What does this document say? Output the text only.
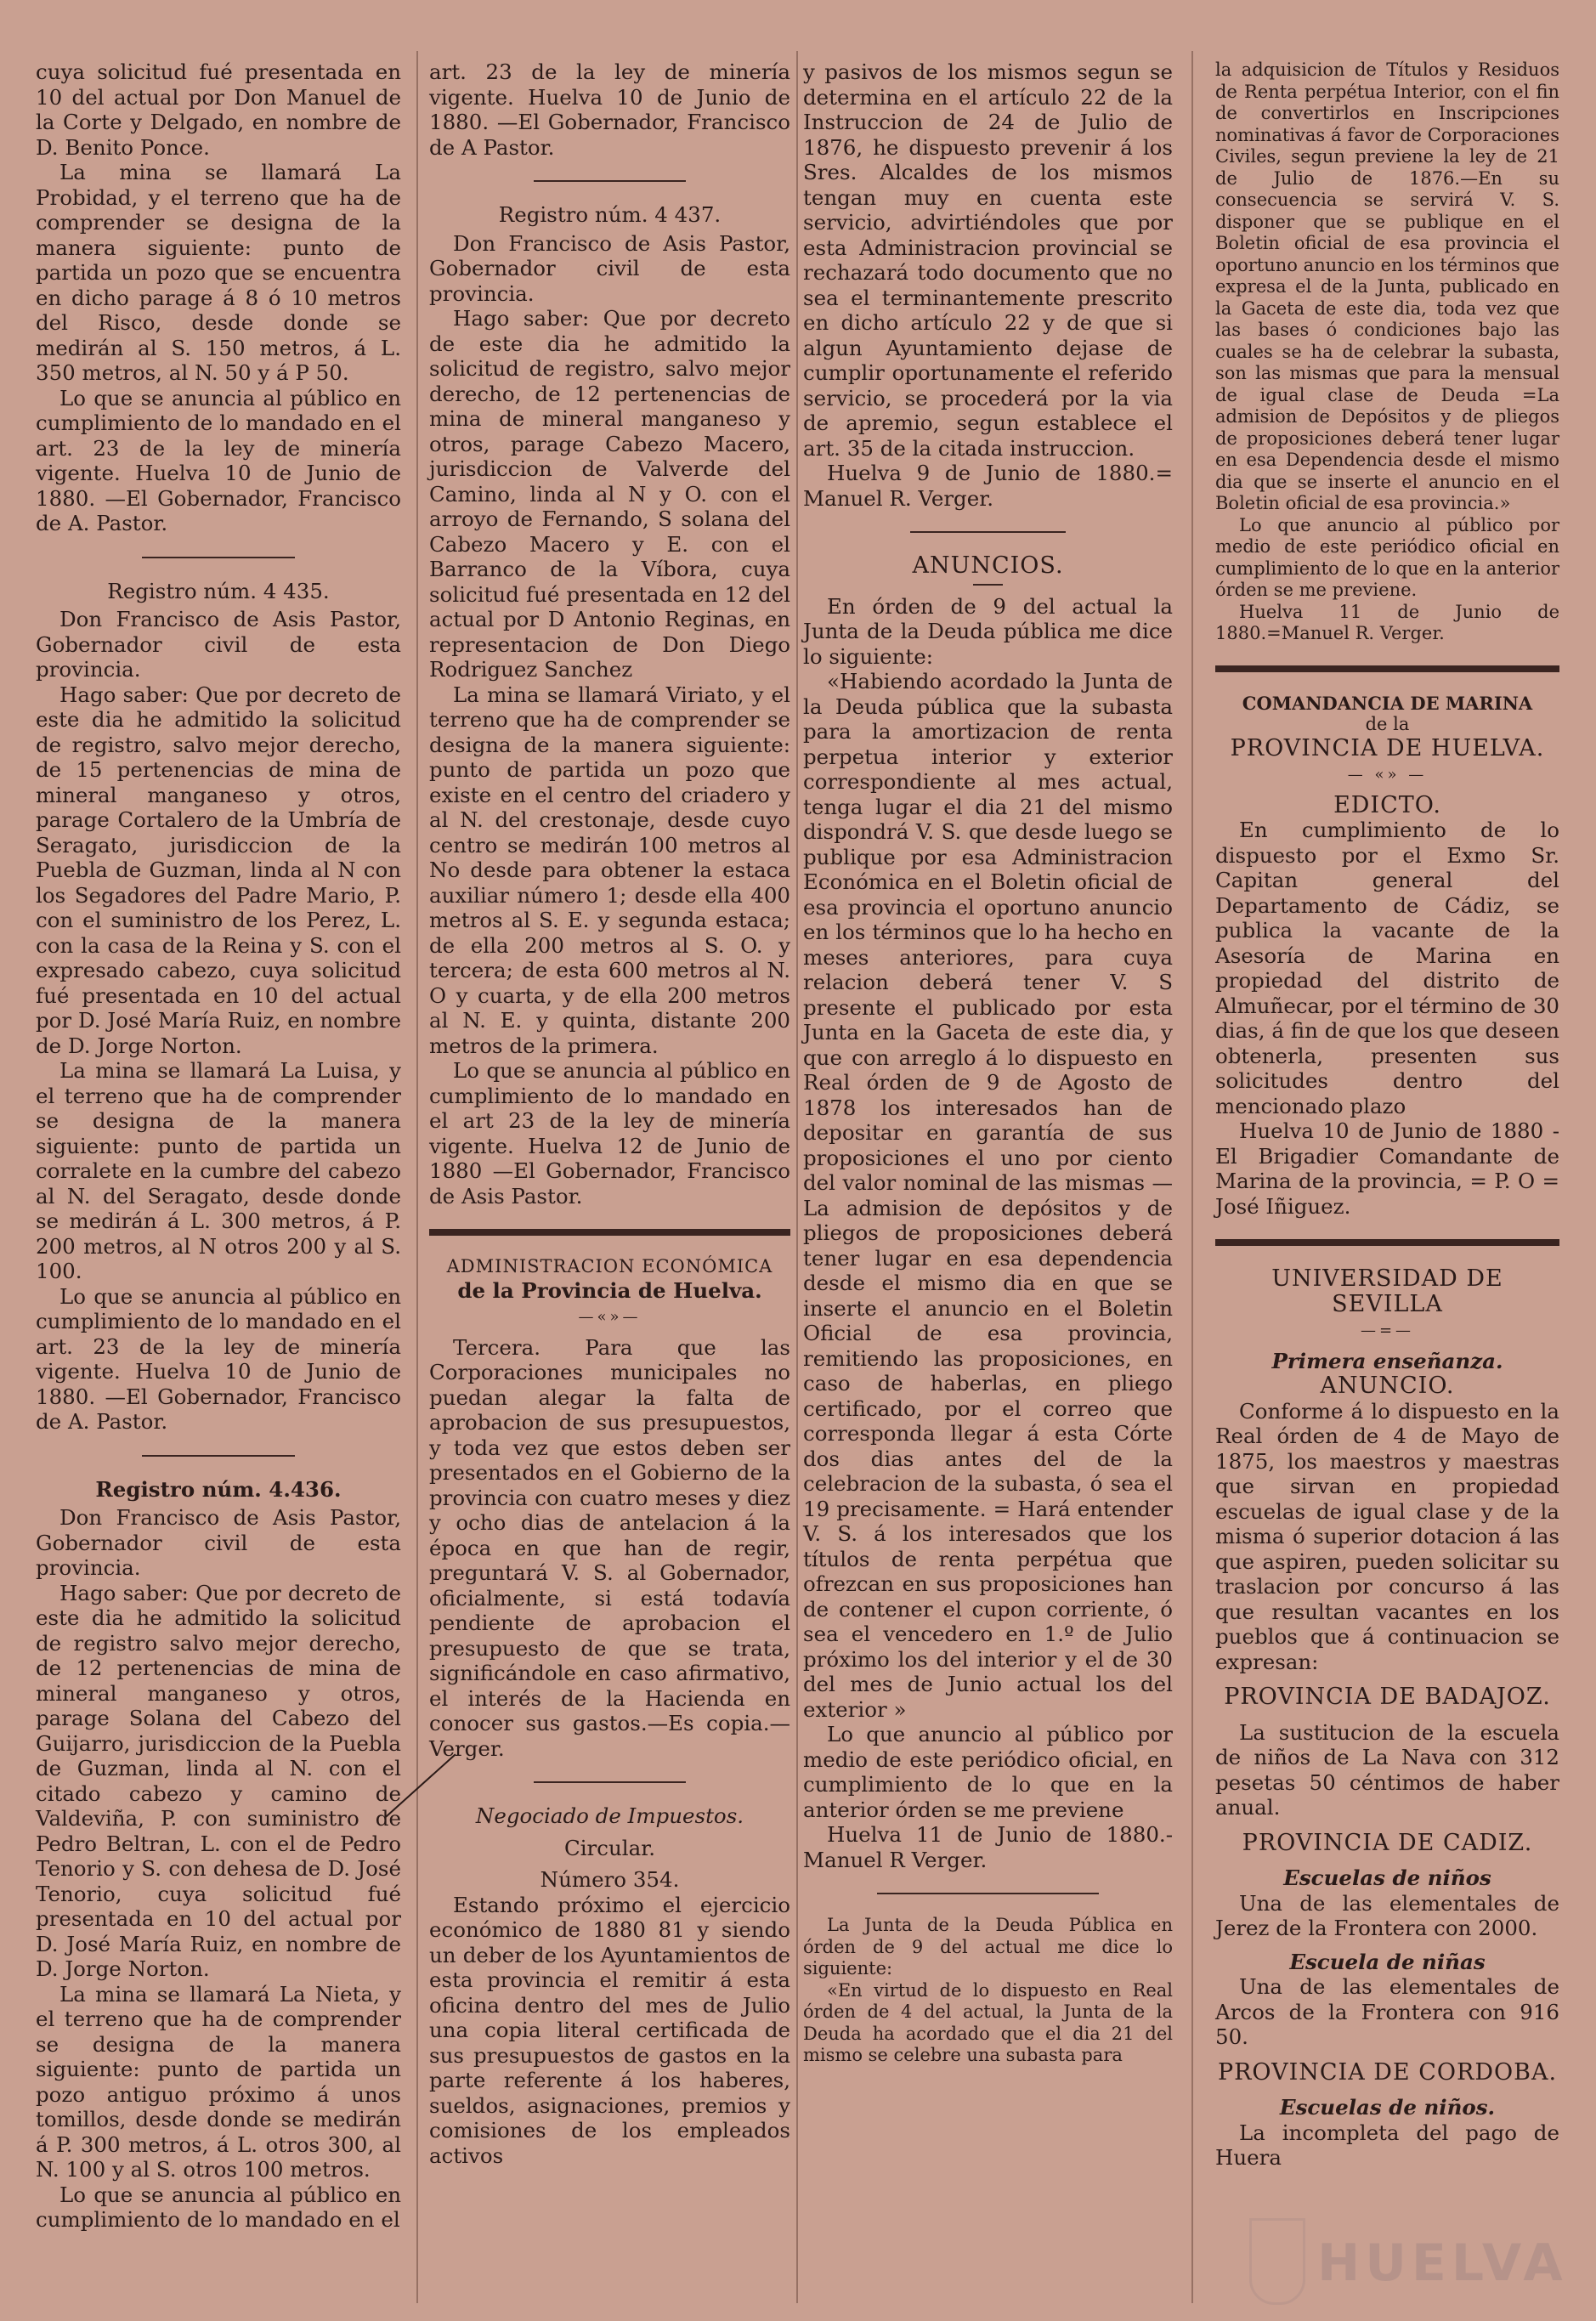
cuya solicitud fué presentada en 10 del actual por Don Manuel de la Corte y Delgado, en nombre de D. Benito Ponce.

La mina se llamará La Probidad, y el terreno que ha de comprender se designa de la manera siguiente: punto de partida un pozo que se encuentra en dicho parage á 8 ó 10 metros del Risco, desde donde se medirán al S. 150 metros, á L. 350 metros, al N. 50 y á P 50.

Lo que se anuncia al público en cumplimiento de lo mandado en el art. 23 de la ley de minería vigente. Huelva 10 de Junio de 1880. —El Gobernador, Francisco de A. Pastor.

Registro núm. 4 435.

Don Francisco de Asis Pastor, Gobernador civil de esta provincia.

Hago saber: Que por decreto de este dia he admitido la solicitud de registro, salvo mejor derecho, de 15 pertenencias de mina de mineral manganeso y otros, parage Cortalero de la Umbría de Seragato, jurisdiccion de la Puebla de Guzman, linda al N con los Segadores del Padre Mario, P. con el suministro de los Perez, L. con la casa de la Reina y S. con el expresado cabezo, cuya solicitud fué presentada en 10 del actual por D. José María Ruiz, en nombre de D. Jorge Norton.

La mina se llamará La Luisa, y el terreno que ha de comprender se designa de la manera siguiente: punto de partida un corralete en la cumbre del cabezo al N. del Seragato, desde donde se medirán á L. 300 metros, á P. 200 metros, al N otros 200 y al S. 100.

Lo que se anuncia al público en cumplimiento de lo mandado en el art. 23 de la ley de minería vigente. Huelva 10 de Junio de 1880. —El Gobernador, Francisco de A. Pastor.

Registro núm. 4.436.

Don Francisco de Asis Pastor, Gobernador civil de esta provincia.

Hago saber: Que por decreto de este dia he admitido la solicitud de registro salvo mejor derecho, de 12 pertenencias de mina de mineral manganeso y otros, parage Solana del Cabezo del Guijarro, jurisdiccion de la Puebla de Guzman, linda al N. con el citado cabezo y camino de Valdeviña, P. con suministro de Pedro Beltran, L. con el de Pedro Tenorio y S. con dehesa de D. José Tenorio, cuya solicitud fué presentada en 10 del actual por D. José María Ruiz, en nombre de D. Jorge Norton.

La mina se llamará La Nieta, y el terreno que ha de comprender se designa de la manera siguiente: punto de partida un pozo antiguo próximo á unos tomillos, desde donde se medirán á P. 300 metros, á L. otros 300, al N. 100 y al S. otros 100 metros.

Lo que se anuncia al público en cumplimiento de lo mandado en el

art. 23 de la ley de minería vigente. Huelva 10 de Junio de 1880. —El Gobernador, Francisco de A Pastor.

Registro núm. 4 437.

Don Francisco de Asis Pastor, Gobernador civil de esta provincia.

Hago saber: Que por decreto de este dia he admitido la solicitud de registro, salvo mejor derecho, de 12 pertenencias de mina de mineral manganeso y otros, parage Cabezo Macero, jurisdiccion de Valverde del Camino, linda al N y O. con el arroyo de Fernando, S solana del Cabezo Macero y E. con el Barranco de la Víbora, cuya solicitud fué presentada en 12 del actual por D Antonio Reginas, en representacion de Don Diego Rodriguez Sanchez

La mina se llamará Viriato, y el terreno que ha de comprender se designa de la manera siguiente: punto de partida un pozo que existe en el centro del criadero y al N. del crestonaje, desde cuyo centro se medirán 100 metros al No desde para obtener la estaca auxiliar número 1; desde ella 400 metros al S. E. y segunda estaca; de ella 200 metros al S. O. y tercera; de esta 600 metros al N. O y cuarta, y de ella 200 metros al N. E. y quinta, distante 200 metros de la primera.

Lo que se anuncia al público en cumplimiento de lo mandado en el art 23 de la ley de minería vigente. Huelva 12 de Junio de 1880 —El Gobernador, Francisco de Asis Pastor.

ADMINISTRACION ECONÓMICA

de la Provincia de Huelva.

—«»—

Tercera. Para que las Corporaciones municipales no puedan alegar la falta de aprobacion de sus presupuestos, y toda vez que estos deben ser presentados en el Gobierno de la provincia con cuatro meses y diez y ocho dias de antelacion á la época en que han de regir, preguntará V. S. al Gobernador, oficialmente, si está todavía pendiente de aprobacion el presupuesto de que se trata, significándole en caso afirmativo, el interés de la Hacienda en conocer sus gastos.—Es copia.— Verger.

Negociado de Impuestos.

Circular.

Número 354.

Estando próximo el ejercicio económico de 1880 81 y siendo un deber de los Ayuntamientos de esta provincia el remitir á esta oficina dentro del mes de Julio una copia literal certificada de sus presupuestos de gastos en la parte referente á los haberes, sueldos, asignaciones, premios y comisiones de los empleados activos

y pasivos de los mismos segun se determina en el artículo 22 de la Instruccion de 24 de Julio de 1876, he dispuesto prevenir á los Sres. Alcaldes de los mismos tengan muy en cuenta este servicio, advirtiéndoles que por esta Administracion provincial se rechazará todo documento que no sea el terminantemente prescrito en dicho artículo 22 y de que si algun Ayuntamiento dejase de cumplir oportunamente el referido servicio, se procederá por la via de apremio, segun establece el art. 35 de la citada instruccion.

Huelva 9 de Junio de 1880.= Manuel R. Verger.

ANUNCIOS.

En órden de 9 del actual la Junta de la Deuda pública me dice lo siguiente:

«Habiendo acordado la Junta de la Deuda pública que la subasta para la amortizacion de renta perpetua interior y exterior correspondiente al mes actual, tenga lugar el dia 21 del mismo dispondrá V. S. que desde luego se publique por esa Administracion Económica en el Boletin oficial de esa provincia el oportuno anuncio en los términos que lo ha hecho en meses anteriores, para cuya relacion deberá tener V. S presente el publicado por esta Junta en la Gaceta de este dia, y que con arreglo á lo dispuesto en Real órden de 9 de Agosto de 1878 los interesados han de depositar en garantía de sus proposiciones el uno por ciento del valor nominal de las mismas —La admision de depósitos y de pliegos de proposiciones deberá tener lugar en esa dependencia desde el mismo dia en que se inserte el anuncio en el Boletin Oficial de esa provincia, remitiendo las proposiciones, en caso de haberlas, en pliego certificado, por el correo que corresponda llegar á esta Córte dos dias antes del de la celebracion de la subasta, ó sea el 19 precisamente. = Hará entender V. S. á los interesados que los títulos de renta perpétua que ofrezcan en sus proposiciones han de contener el cupon corriente, ó sea el vencedero en 1.º de Julio próximo los del interior y el de 30 del mes de Junio actual los del exterior »

Lo que anuncio al público por medio de este periódico oficial, en cumplimiento de lo que en la anterior órden se me previene

Huelva 11 de Junio de 1880.- Manuel R Verger.

La Junta de la Deuda Pública en órden de 9 del actual me dice lo siguiente:

«En virtud de lo dispuesto en Real órden de 4 del actual, la Junta de la Deuda ha acordado que el dia 21 del mismo se celebre una subasta para

la adquisicion de Títulos y Residuos de Renta perpétua Interior, con el fin de convertirlos en Inscripciones nominativas á favor de Corporaciones Civiles, segun previene la ley de 21 de Julio de 1876.—En su consecuencia se servirá V. S. disponer que se publique en el Boletin oficial de esa provincia el oportuno anuncio en los términos que expresa el de la Junta, publicado en la Gaceta de este dia, toda vez que las bases ó condiciones bajo las cuales se ha de celebrar la subasta, son las mismas que para la mensual de igual clase de Deuda =La admision de Depósitos y de pliegos de proposiciones deberá tener lugar en esa Dependencia desde el mismo dia que se inserte el anuncio en el Boletin oficial de esa provincia.»

Lo que anuncio al público por medio de este periódico oficial en cumplimiento de lo que en la anterior órden se me previene.

Huelva 11 de Junio de 1880.=Manuel R. Verger.

COMANDANCIA DE MARINA

de la

PROVINCIA DE HUELVA.

— «» —

EDICTO.

En cumplimiento de lo dispuesto por el Exmo Sr. Capitan general del Departamento de Cádiz, se publica la vacante de la Asesoría de Marina en propiedad del distrito de Almuñecar, por el término de 30 dias, á fin de que los que deseen obtenerla, presenten sus solicitudes dentro del mencionado plazo

Huelva 10 de Junio de 1880 - El Brigadier Comandante de Marina de la provincia, = P. O = José Iñiguez.

UNIVERSIDAD DE SEVILLA

—=—

Primera enseñanza.

ANUNCIO.

Conforme á lo dispuesto en la Real órden de 4 de Mayo de 1875, los maestros y maestras que sirvan en propiedad escuelas de igual clase y de la misma ó superior dotacion á las que aspiren, pueden solicitar su traslacion por concurso á las que resultan vacantes en los pueblos que á continuacion se expresan:

PROVINCIA DE BADAJOZ.

La sustitucion de la escuela de niños de La Nava con 312 pesetas 50 céntimos de haber anual.

PROVINCIA DE CADIZ.

Escuelas de niños

Una de las elementales de Jerez de la Frontera con 2000.

Escuela de niñas

Una de las elementales de Arcos de la Frontera con 916 50.

PROVINCIA DE CORDOBA.

Escuelas de niños.

La incompleta del pago de Huera

HUELVA
